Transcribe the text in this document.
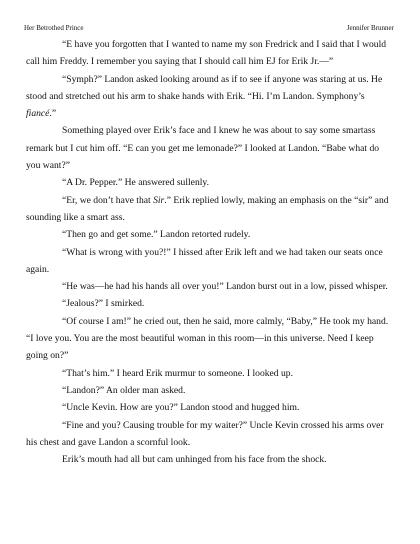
Her Betrothed Prince	Jennifer Brunner

“E have you forgotten that I wanted to name my son Fredrick and I said that I would call him Freddy. I remember you saying that I should call him EJ for Erik Jr.—”

“Symph?” Landon asked looking around as if to see if anyone was staring at us. He stood and stretched out his arm to shake hands with Erik. “Hi. I’m Landon. Symphony’s fiancé.”

Something played over Erik’s face and I knew he was about to say some smartass remark but I cut him off. “E can you get me lemonade?” I looked at Landon. “Babe what do you want?”

“A Dr. Pepper.” He answered sullenly.

“Er, we don’t have that Sir.” Erik replied lowly, making an emphasis on the “sir” and sounding like a smart ass.

“Then go and get some.” Landon retorted rudely.

“What is wrong with you?!” I hissed after Erik left and we had taken our seats once again.

“He was—he had his hands all over you!” Landon burst out in a low, pissed whisper.

“Jealous?” I smirked.

“Of course I am!” he cried out, then he said, more calmly, “Baby,” He took my hand. “I love you. You are the most beautiful woman in this room—in this universe. Need I keep going on?”

“That’s him.” I heard Erik murmur to someone. I looked up.

“Landon?” An older man asked.

“Uncle Kevin. How are you?” Landon stood and hugged him.

“Fine and you? Causing trouble for my waiter?” Uncle Kevin crossed his arms over his chest and gave Landon a scornful look.

Erik’s mouth had all but cam unhinged from his face from the shock.
